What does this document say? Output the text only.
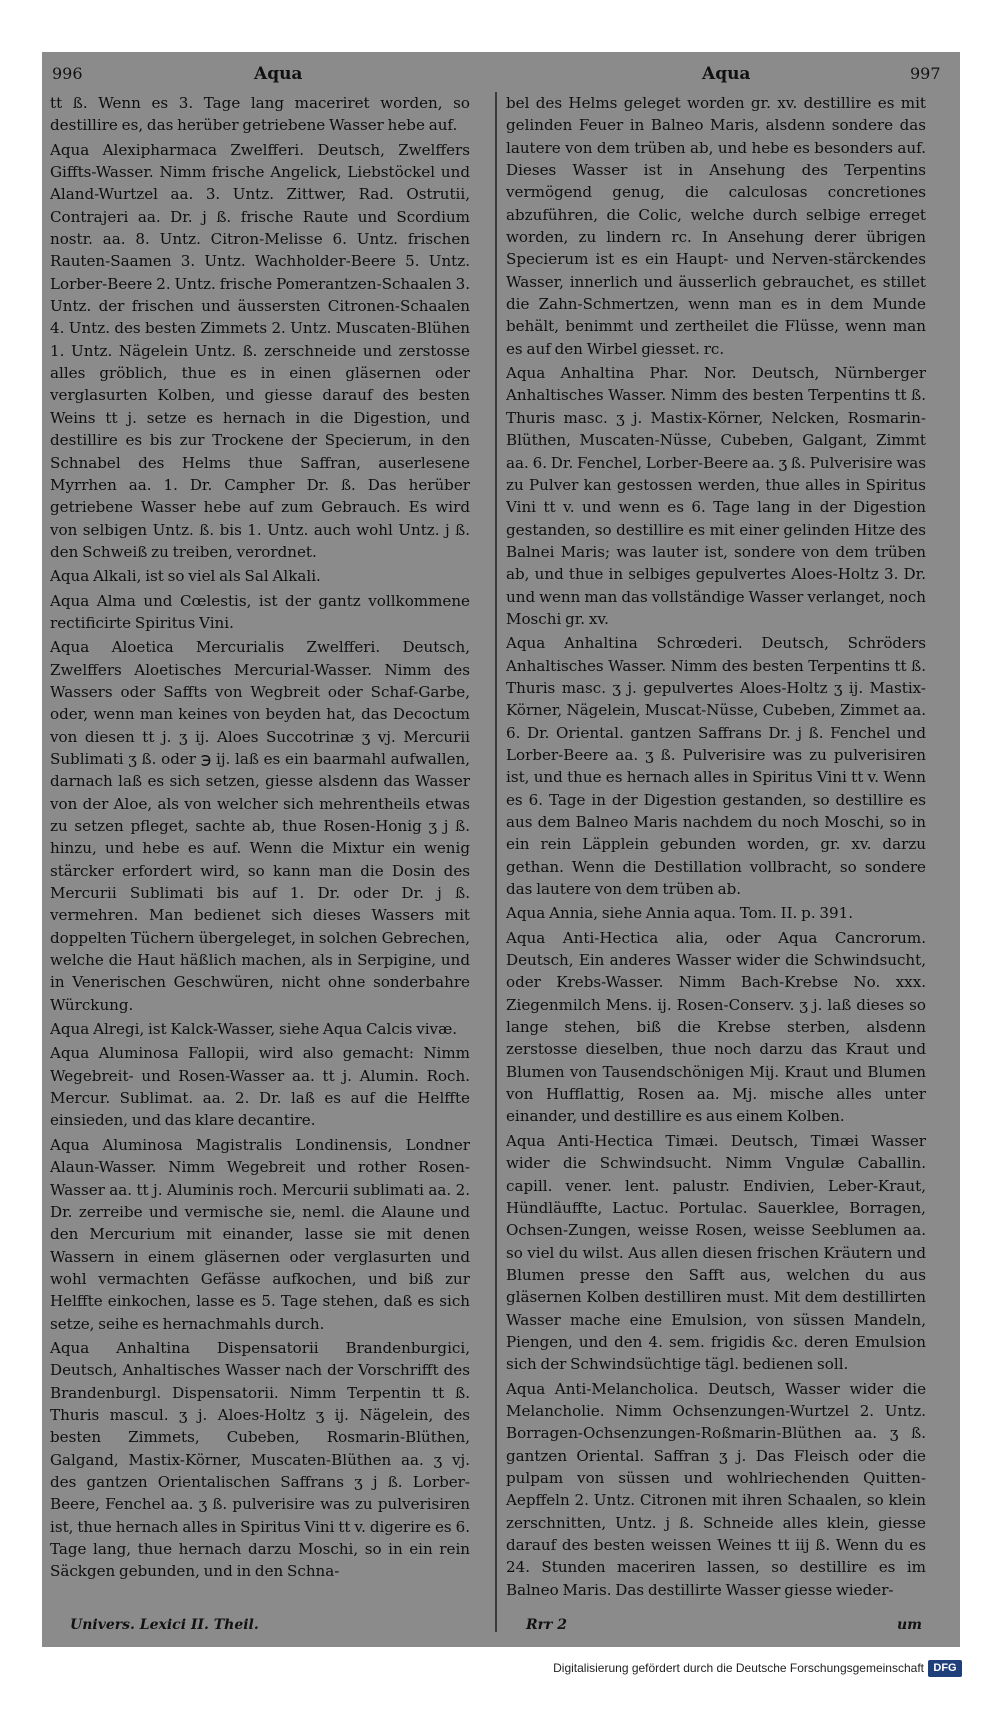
996	Aqua	Aqua	997

tt ß. Wenn es 3. Tage lang maceriret worden, so destillire es, das herüber getriebene Wasser hebe auf.

Aqua Alexipharmaca Zwelfferi. Deutsch, Zwelffers Giffts-Wasser. Nimm frische Angelick, Liebstöckel und Aland-Wurtzel aa. 3. Untz. Zittwer, Rad. Ostrutii, Contrajeri aa. Dr. j ß. frische Raute und Scordium nostr. aa. 8. Untz. Citron-Melisse 6. Untz. frischen Rauten-Saamen 3. Untz. Wachholder-Beere 5. Untz. Lorber-Beere 2. Untz. frische Pomerantzen-Schaalen 3. Untz. der frischen und äussersten Citronen-Schaalen 4. Untz. des besten Zimmets 2. Untz. Muscaten-Blühen 1. Untz. Nägelein Untz. ß. zerschneide und zerstosse alles gröblich, thue es in einen gläsernen oder verglasurten Kolben, und giesse darauf des besten Weins tt j. setze es hernach in die Digestion, und destillire es bis zur Trockene der Specierum, in den Schnabel des Helms thue Saffran, auserlesene Myrrhen aa. 1. Dr. Campher Dr. ß. Das herüber getriebene Wasser hebe auf zum Gebrauch. Es wird von selbigen Untz. ß. bis 1. Untz. auch wohl Untz. j ß. den Schweiß zu treiben, verordnet.

Aqua Alkali, ist so viel als Sal Alkali.

Aqua Alma und Cœlestis, ist der gantz vollkommene rectificirte Spiritus Vini.

Aqua Aloetica Mercurialis Zwelfferi. Deutsch, Zwelffers Aloetisches Mercurial-Wasser. Nimm des Wassers oder Saffts von Wegbreit oder Schaf-Garbe, oder, wenn man keines von beyden hat, das Decoctum von diesen tt j. ʒ ij. Aloes Succotrinæ ʒ vj. Mercurii Sublimati ʒ ß. oder ℈ ij. laß es ein baarmahl aufwallen, darnach laß es sich setzen, giesse alsdenn das Wasser von der Aloe, als von welcher sich mehrentheils etwas zu setzen pfleget, sachte ab, thue Rosen-Honig ʒ j ß. hinzu, und hebe es auf. Wenn die Mixtur ein wenig stärcker erfordert wird, so kann man die Dosin des Mercurii Sublimati bis auf 1. Dr. oder Dr. j ß. vermehren. Man bedienet sich dieses Wassers mit doppelten Tüchern übergeleget, in solchen Gebrechen, welche die Haut häßlich machen, als in Serpigine, und in Venerischen Geschwüren, nicht ohne sonderbahre Würckung.

Aqua Alregi, ist Kalck-Wasser, siehe Aqua Calcis vivæ.

Aqua Aluminosa Fallopii, wird also gemacht: Nimm Wegebreit- und Rosen-Wasser aa. tt j. Alumin. Roch. Mercur. Sublimat. aa. 2. Dr. laß es auf die Helffte einsieden, und das klare decantire.

Aqua Aluminosa Magistralis Londinensis, Londner Alaun-Wasser. Nimm Wegebreit und rother Rosen-Wasser aa. tt j. Aluminis roch. Mercurii sublimati aa. 2. Dr. zerreibe und vermische sie, neml. die Alaune und den Mercurium mit einander, lasse sie mit denen Wassern in einem gläsernen oder verglasurten und wohl vermachten Gefässe aufkochen, und biß zur Helffte einkochen, lasse es 5. Tage stehen, daß es sich setze, seihe es hernachmahls durch.

Aqua Anhaltina Dispensatorii Brandenburgici, Deutsch, Anhaltisches Wasser nach der Vorschrifft des Brandenburgl. Dispensatorii. Nimm Terpentin tt ß. Thuris mascul. ʒ j. Aloes-Holtz ʒ ij. Nägelein, des besten Zimmets, Cubeben, Rosmarin-Blüthen, Galgand, Mastix-Körner, Muscaten-Blüthen aa. ʒ vj. des gantzen Orientalischen Saffrans ʒ j ß. Lorber-Beere, Fenchel aa. ʒ ß. pulverisire was zu pulverisiren ist, thue hernach alles in Spiritus Vini tt v. digerire es 6. Tage lang, thue hernach darzu Moschi, so in ein rein Säckgen gebunden, und in den Schna-

Univers. Lexici II. Theil.

bel des Helms geleget worden gr. xv. destillire es mit gelinden Feuer in Balneo Maris, alsdenn sondere das lautere von dem trüben ab, und hebe es besonders auf. Dieses Wasser ist in Ansehung des Terpentins vermögend genug, die calculosas concretiones abzuführen, die Colic, welche durch selbige erreget worden, zu lindern rc. In Ansehung derer übrigen Specierum ist es ein Haupt- und Nerven-stärckendes Wasser, innerlich und äusserlich gebrauchet, es stillet die Zahn-Schmertzen, wenn man es in dem Munde behält, benimmt und zertheilet die Flüsse, wenn man es auf den Wirbel giesset. rc.

Aqua Anhaltina Phar. Nor. Deutsch, Nürnberger Anhaltisches Wasser. Nimm des besten Terpentins tt ß. Thuris masc. ʒ j. Mastix-Körner, Nelcken, Rosmarin-Blüthen, Muscaten-Nüsse, Cubeben, Galgant, Zimmt aa. 6. Dr. Fenchel, Lorber-Beere aa. ʒ ß. Pulverisire was zu Pulver kan gestossen werden, thue alles in Spiritus Vini tt v. und wenn es 6. Tage lang in der Digestion gestanden, so destillire es mit einer gelinden Hitze des Balnei Maris; was lauter ist, sondere von dem trüben ab, und thue in selbiges gepulvertes Aloes-Holtz 3. Dr. und wenn man das vollständige Wasser verlanget, noch Moschi gr. xv.

Aqua Anhaltina Schrœderi. Deutsch, Schröders Anhaltisches Wasser. Nimm des besten Terpentins tt ß. Thuris masc. ʒ j. gepulvertes Aloes-Holtz ʒ ij. Mastix-Körner, Nägelein, Muscat-Nüsse, Cubeben, Zimmet aa. 6. Dr. Oriental. gantzen Saffrans Dr. j ß. Fenchel und Lorber-Beere aa. ʒ ß. Pulverisire was zu pulverisiren ist, und thue es hernach alles in Spiritus Vini tt v. Wenn es 6. Tage in der Digestion gestanden, so destillire es aus dem Balneo Maris nachdem du noch Moschi, so in ein rein Läpplein gebunden worden, gr. xv. darzu gethan. Wenn die Destillation vollbracht, so sondere das lautere von dem trüben ab.

Aqua Annia, siehe Annia aqua. Tom. II. p. 391.

Aqua Anti-Hectica alia, oder Aqua Cancrorum. Deutsch, Ein anderes Wasser wider die Schwindsucht, oder Krebs-Wasser. Nimm Bach-Krebse No. xxx. Ziegenmilch Mens. ij. Rosen-Conserv. ʒ j. laß dieses so lange stehen, biß die Krebse sterben, alsdenn zerstosse dieselben, thue noch darzu das Kraut und Blumen von Tausendschönigen Mij. Kraut und Blumen von Hufflattig, Rosen aa. Mj. mische alles unter einander, und destillire es aus einem Kolben.

Aqua Anti-Hectica Timæi. Deutsch, Timæi Wasser wider die Schwindsucht. Nimm Vngulæ Caballin. capill. vener. lent. palustr. Endivien, Leber-Kraut, Hündläuffte, Lactuc. Portulac. Sauerklee, Borragen, Ochsen-Zungen, weisse Rosen, weisse Seeblumen aa. so viel du wilst. Aus allen diesen frischen Kräutern und Blumen presse den Safft aus, welchen du aus gläsernen Kolben destilliren must. Mit dem destillirten Wasser mache eine Emulsion, von süssen Mandeln, Piengen, und den 4. sem. frigidis &c. deren Emulsion sich der Schwindsüchtige tägl. bedienen soll.

Aqua Anti-Melancholica. Deutsch, Wasser wider die Melancholie. Nimm Ochsenzungen-Wurtzel 2. Untz. Borragen-Ochsenzungen-Roßmarin-Blüthen aa. ʒ ß. gantzen Oriental. Saffran ʒ j. Das Fleisch oder die pulpam von süssen und wohlriechenden Quitten-Aepffeln 2. Untz. Citronen mit ihren Schaalen, so klein zerschnitten, Untz. j ß. Schneide alles klein, giesse darauf des besten weissen Weines tt iij ß. Wenn du es 24. Stunden maceriren lassen, so destillire es im Balneo Maris. Das destillirte Wasser giesse wieder-

Rrr 2	um
Digitalisierung gefördert durch die Deutsche Forschungsgemeinschaft DFG
